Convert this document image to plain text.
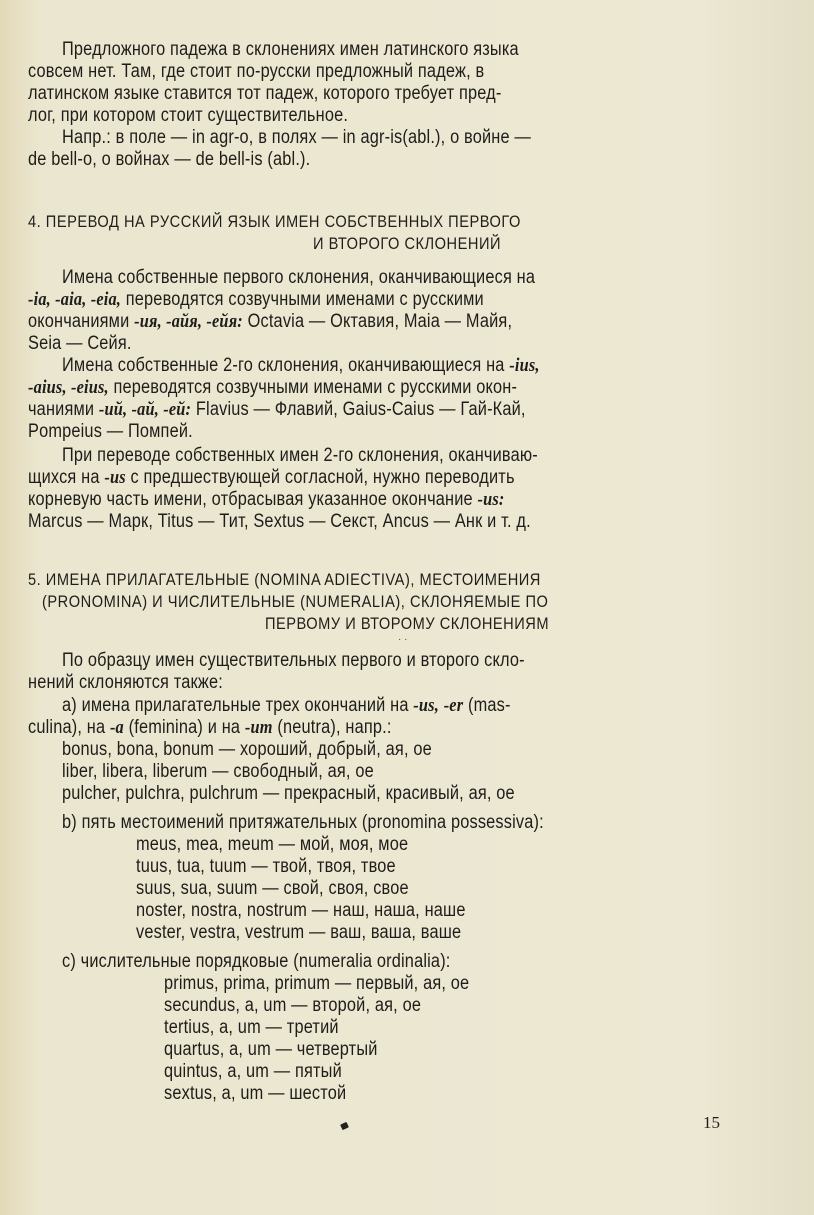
Предложного падежа в склонениях имен латинского языка
совсем нет. Там, где стоит по-русски предложный падеж, в
латинском языке ставится тот падеж, которого требует пред-
лог, при котором стоит существительное.
Напр.: в поле — in agr-o, в полях — in agr-is(abl.), о войне —
de bell-o, о войнах — de bell-is (abl.).
4. ПЕРЕВОД НА РУССКИЙ ЯЗЫК ИМЕН СОБСТВЕННЫХ ПЕРВОГО
И ВТОРОГО СКЛОНЕНИЙ
Имена собственные первого склонения, оканчивающиеся на
-ia, -aia, -eia, переводятся созвучными именами с русскими
окончаниями -ия, -айя, -ейя: Octavia — Октавия, Maia — Майя,
Seia — Сейя.
Имена собственные 2-го склонения, оканчивающиеся на -ius,
-aius, -eius, переводятся созвучными именами с русскими окон-
чаниями -ий, -ай, -ей: Flavius — Флавий, Gaius-Caius — Гай-Кай,
Pompeius — Помпей.
При переводе собственных имен 2-го склонения, оканчиваю-
щихся на -us с предшествующей согласной, нужно переводить
корневую часть имени, отбрасывая указанное окончание -us:
Marcus — Марк, Titus — Тит, Sextus — Секст, Ancus — Анк и т. д.
5. ИМЕНА ПРИЛАГАТЕЛЬНЫЕ (NOMINA ADIECTIVA), МЕСТОИМЕНИЯ
(PRONOMINA) И ЧИСЛИТЕЛЬНЫЕ (NUMERALIA), СКЛОНЯЕМЫЕ ПО
ПЕРВОМУ И ВТОРОМУ СКЛОНЕНИЯМ
· ·
По образцу имен существительных первого и второго скло-
нений склоняются также:
а) имена прилагательные трех окончаний на -us, -er (mas-
culina), на -a (feminina) и на -um (neutra), напр.:
bonus, bona, bonum — хороший, добрый, ая, ое
liber, libera, liberum — свободный, ая, ое
pulcher, pulchra, pulchrum — прекрасный, красивый, ая, ое
b) пять местоимений притяжательных (pronomina possessiva):
meus, mea, meum — мой, моя, мое
tuus, tua, tuum — твой, твоя, твое
suus, sua, suum — свой, своя, свое
noster, nostra, nostrum — наш, наша, наше
vester, vestra, vestrum — ваш, ваша, ваше
с) числительные порядковые (numeralia ordinalia):
primus, prima, primum — первый, ая, ое
secundus, a, um — второй, ая, ое
tertius, a, um — третий
quartus, a, um — четвертый
quintus, a, um — пятый
sextus, a, um — шестой
15
